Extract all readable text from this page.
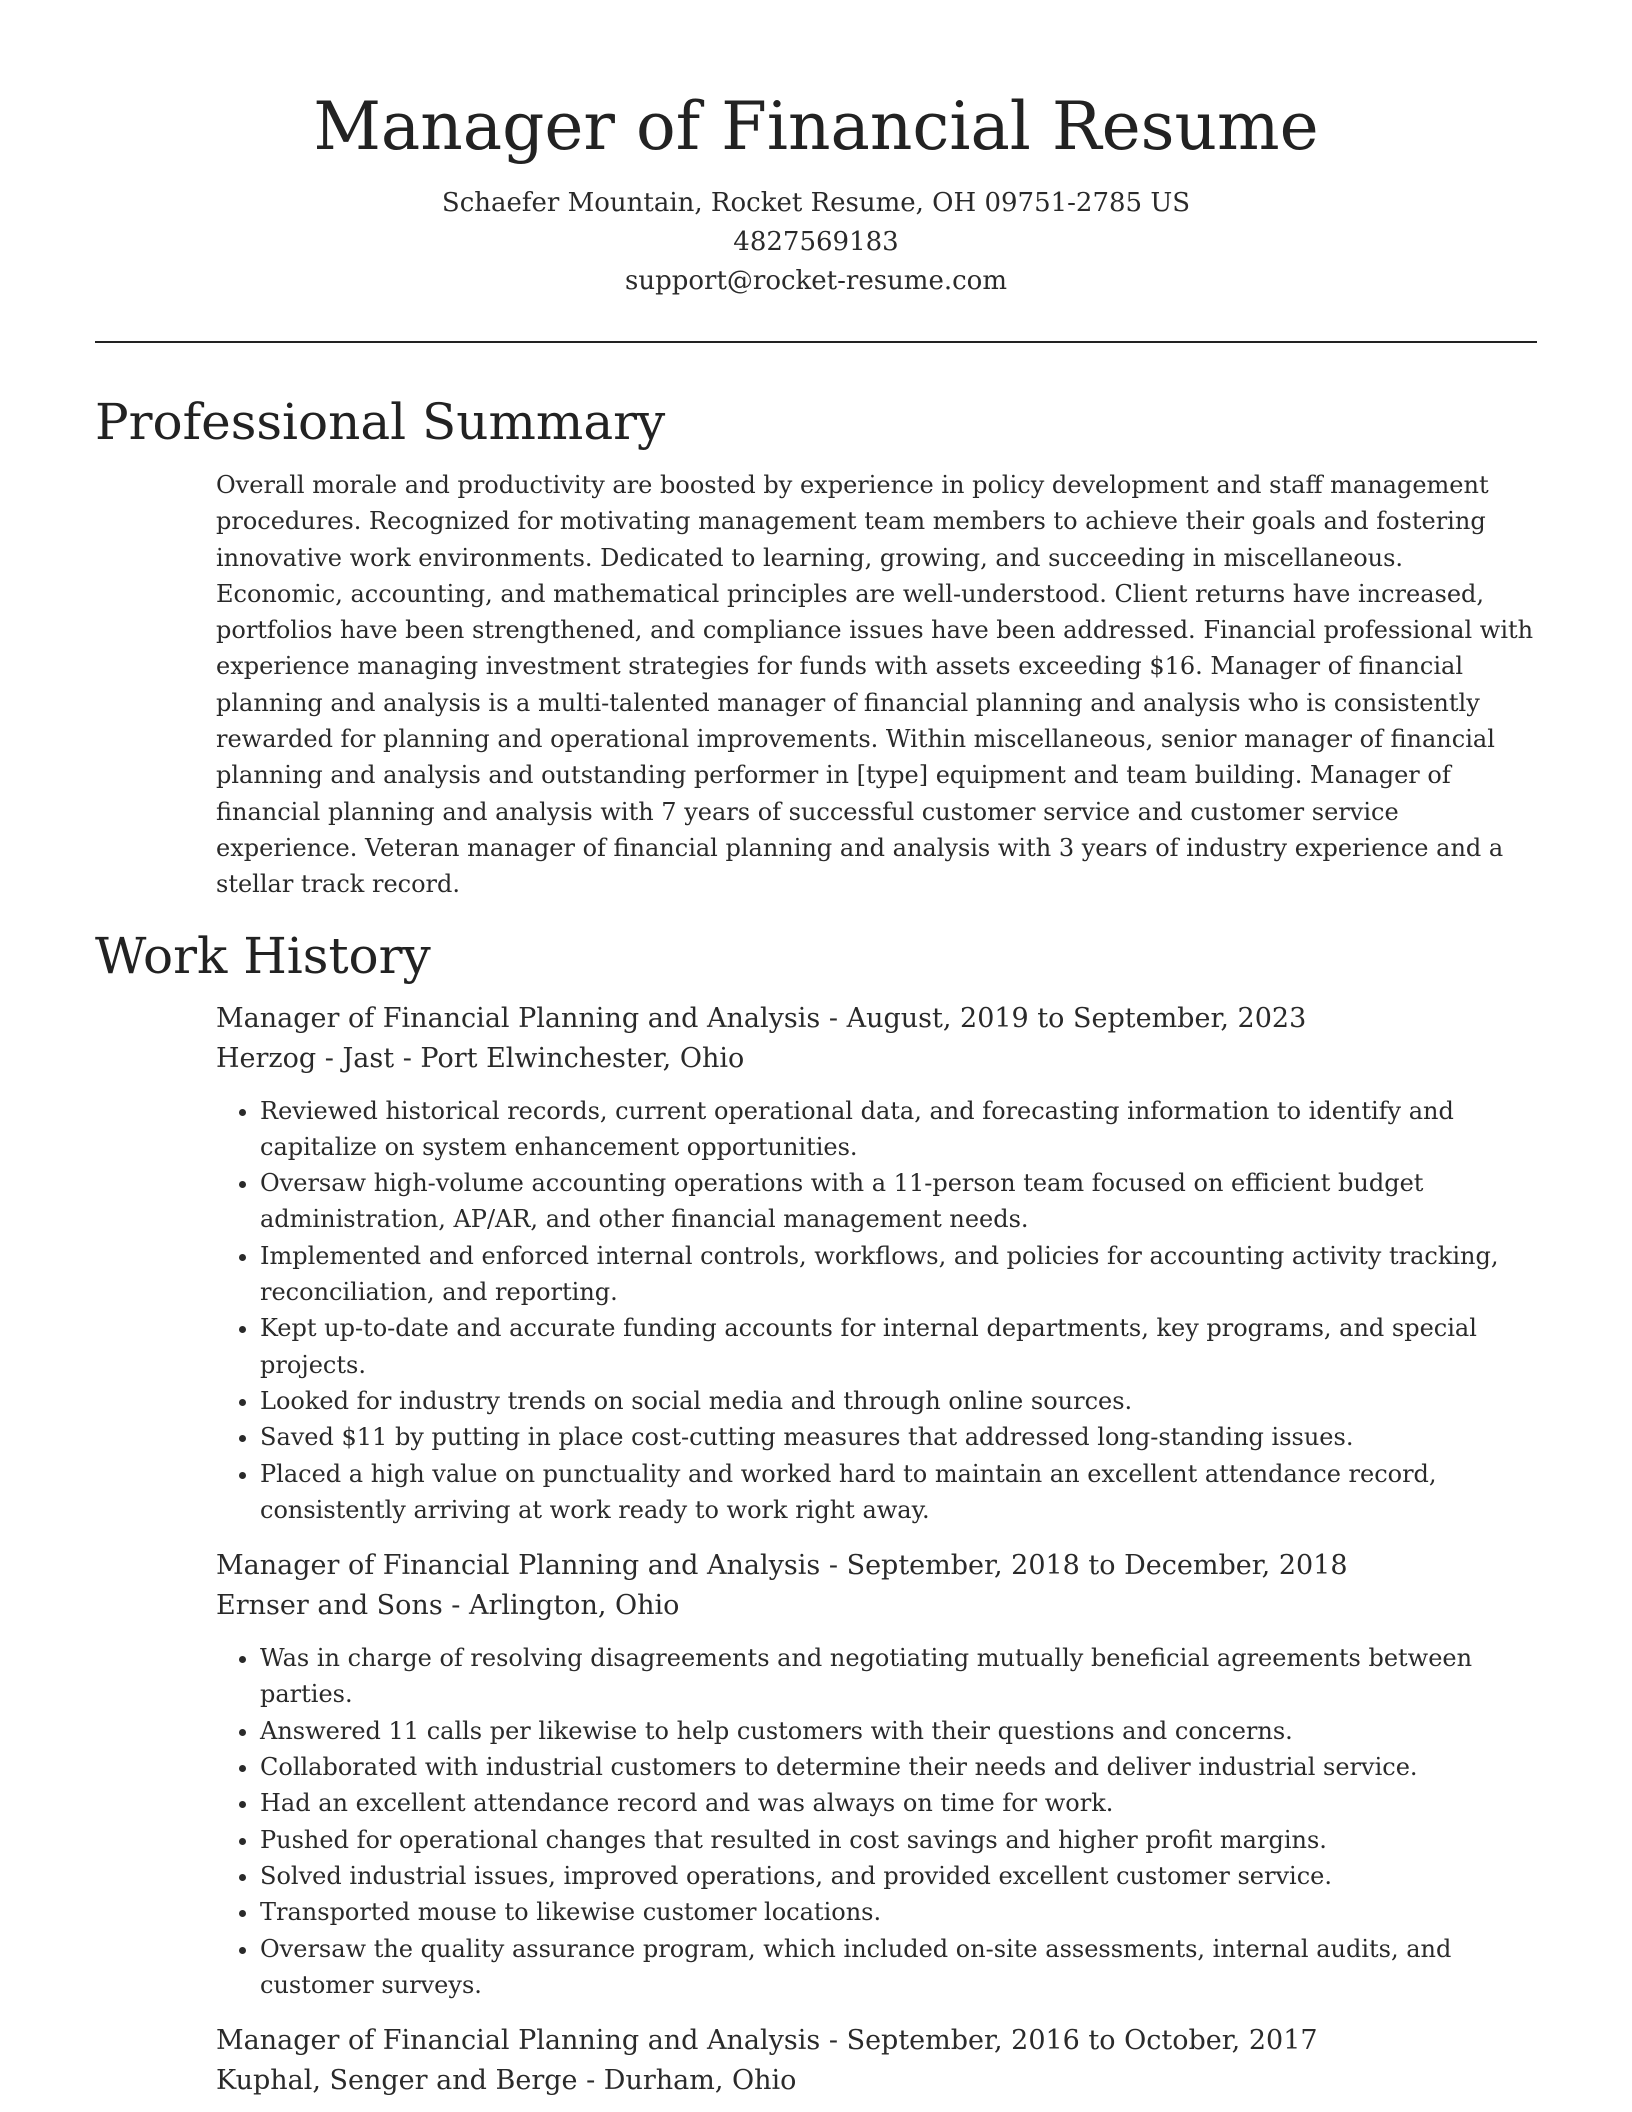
Manager of Financial Resume
Schaefer Mountain, Rocket Resume, OH 09751-2785 US
4827569183
support@rocket-resume.com
Professional Summary
Overall morale and productivity are boosted by experience in policy development and staff management procedures. Recognized for motivating management team members to achieve their goals and fostering innovative work environments. Dedicated to learning, growing, and succeeding in miscellaneous. Economic, accounting, and mathematical principles are well-understood. Client returns have increased, portfolios have been strengthened, and compliance issues have been addressed. Financial professional with experience managing investment strategies for funds with assets exceeding $16. Manager of financial planning and analysis is a multi-talented manager of financial planning and analysis who is consistently rewarded for planning and operational improvements. Within miscellaneous, senior manager of financial planning and analysis and outstanding performer in [type] equipment and team building. Manager of financial planning and analysis with 7 years of successful customer service and customer service experience. Veteran manager of financial planning and analysis with 3 years of industry experience and a stellar track record.
Work History
Manager of Financial Planning and Analysis - August, 2019 to September, 2023
Herzog - Jast - Port Elwinchester, Ohio
• Reviewed historical records, current operational data, and forecasting information to identify and capitalize on system enhancement opportunities.
• Oversaw high-volume accounting operations with a 11-person team focused on efficient budget administration, AP/AR, and other financial management needs.
• Implemented and enforced internal controls, workflows, and policies for accounting activity tracking, reconciliation, and reporting.
• Kept up-to-date and accurate funding accounts for internal departments, key programs, and special projects.
• Looked for industry trends on social media and through online sources.
• Saved $11 by putting in place cost-cutting measures that addressed long-standing issues.
• Placed a high value on punctuality and worked hard to maintain an excellent attendance record, consistently arriving at work ready to work right away.
Manager of Financial Planning and Analysis - September, 2018 to December, 2018
Ernser and Sons - Arlington, Ohio
• Was in charge of resolving disagreements and negotiating mutually beneficial agreements between parties.
• Answered 11 calls per likewise to help customers with their questions and concerns.
• Collaborated with industrial customers to determine their needs and deliver industrial service.
• Had an excellent attendance record and was always on time for work.
• Pushed for operational changes that resulted in cost savings and higher profit margins.
• Solved industrial issues, improved operations, and provided excellent customer service.
• Transported mouse to likewise customer locations.
• Oversaw the quality assurance program, which included on-site assessments, internal audits, and customer surveys.
Manager of Financial Planning and Analysis - September, 2016 to October, 2017
Kuphal, Senger and Berge - Durham, Ohio
